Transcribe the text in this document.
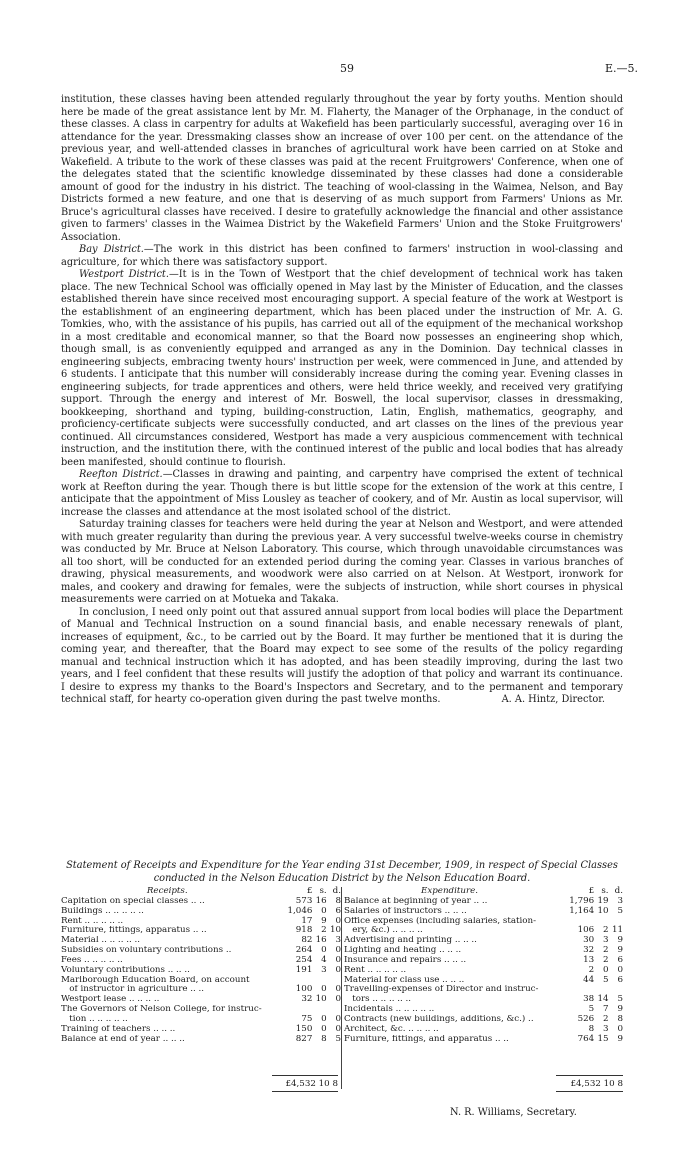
59	E.—5.

institution, these classes having been attended regularly throughout the year by forty youths. Mention should here be made of the great assistance lent by Mr. M. Flaherty, the Manager of the Orphanage, in the conduct of these classes. A class in carpentry for adults at Wakefield has been particularly successful, averaging over 16 in attendance for the year. Dressmaking classes show an increase of over 100 per cent. on the attendance of the previous year, and well-attended classes in branches of agricultural work have been carried on at Stoke and Wakefield. A tribute to the work of these classes was paid at the recent Fruitgrowers' Conference, when one of the delegates stated that the scientific knowledge disseminated by these classes had done a considerable amount of good for the industry in his district. The teaching of wool-classing in the Waimea, Nelson, and Bay Districts formed a new feature, and one that is deserving of as much support from Farmers' Unions as Mr. Bruce's agricultural classes have received. I desire to gratefully acknowledge the financial and other assistance given to farmers' classes in the Waimea District by the Wakefield Farmers' Union and the Stoke Fruitgrowers' Association.

Bay District.—The work in this district has been confined to farmers' instruction in wool-classing and agriculture, for which there was satisfactory support.

Westport District.—It is in the Town of Westport that the chief development of technical work has taken place. The new Technical School was officially opened in May last by the Minister of Education, and the classes established therein have since received most encouraging support. A special feature of the work at Westport is the establishment of an engineering department, which has been placed under the instruction of Mr. A. G. Tomkies, who, with the assistance of his pupils, has carried out all of the equipment of the mechanical workshop in a most creditable and economical manner, so that the Board now possesses an engineering shop which, though small, is as conveniently equipped and arranged as any in the Dominion. Day technical classes in engineering subjects, embracing twenty hours' instruction per week, were commenced in June, and attended by 6 students. I anticipate that this number will considerably increase during the coming year. Evening classes in engineering subjects, for trade apprentices and others, were held thrice weekly, and received very gratifying support. Through the energy and interest of Mr. Boswell, the local supervisor, classes in dressmaking, bookkeeping, shorthand and typing, building-construction, Latin, English, mathematics, geography, and proficiency-certificate subjects were successfully conducted, and art classes on the lines of the previous year continued. All circumstances considered, Westport has made a very auspicious commencement with technical instruction, and the institution there, with the continued interest of the public and local bodies that has already been manifested, should continue to flourish.

Reefton District.—Classes in drawing and painting, and carpentry have comprised the extent of technical work at Reefton during the year. Though there is but little scope for the extension of the work at this centre, I anticipate that the appointment of Miss Lousley as teacher of cookery, and of Mr. Austin as local supervisor, will increase the classes and attendance at the most isolated school of the district.

Saturday training classes for teachers were held during the year at Nelson and Westport, and were attended with much greater regularity than during the previous year. A very successful twelve-weeks course in chemistry was conducted by Mr. Bruce at Nelson Laboratory. This course, which through unavoidable circumstances was all too short, will be conducted for an extended period during the coming year. Classes in various branches of drawing, physical measurements, and woodwork were also carried on at Nelson. At Westport, ironwork for males, and cookery and drawing for females, were the subjects of instruction, while short courses in physical measurements were carried on at Motueka and Takaka.

In conclusion, I need only point out that assured annual support from local bodies will place the Department of Manual and Technical Instruction on a sound financial basis, and enable necessary renewals of plant, increases of equipment, &c., to be carried out by the Board. It may further be mentioned that it is during the coming year, and thereafter, that the Board may expect to see some of the results of the policy regarding manual and technical instruction which it has adopted, and has been steadily improving, during the last two years, and I feel confident that these results will justify the adoption of that policy and warrant its continuance. I desire to express my thanks to the Board's Inspectors and Secretary, and to the permanent and temporary technical staff, for hearty co-operation given during the past twelve months.	A. A. Hintz, Director.

Statement of Receipts and Expenditure for the Year ending 31st December, 1909, in respect of Special Classes conducted in the Nelson Education District by the Nelson Education Board.
Receipts.	£	s.	d.
Capitation on special classes .. ..	573	16	8
Buildings .. .. .. .. ..	1,046	0	6
Rent .. .. .. .. ..	17	9	0
Furniture, fittings, apparatus .. ..	918	2	10
Material .. .. .. .. ..	82	16	3
Subsidies on voluntary contributions ..	264	0	0
Fees .. .. .. .. ..	254	4	0
Voluntary contributions .. .. ..	191	3	0
Marlborough Education Board, on account			
of instructor in agriculture .. ..	100	0	0
Westport lease .. .. .. ..	32	10	0
The Governors of Nelson College, for instruc-			
tion .. .. .. .. ..	75	0	0
Training of teachers .. .. ..	150	0	0
Balance at end of year .. .. ..	827	8	5
Expenditure.	£	s.	d.
Balance at beginning of year .. ..	1,796	19	3
Salaries of instructors .. .. ..	1,164	10	5
Office expenses (including salaries, station-			
ery, &c.) .. .. .. ..	106	2	11
Advertising and printing .. .. ..	30	3	9
Lighting and heating .. .. ..	32	2	9
Insurance and repairs .. .. ..	13	2	6
Rent .. .. .. .. ..	2	0	0
Material for class use .. .. ..	44	5	6
Travelling-expenses of Director and instruc-			
tors .. .. .. .. ..	38	14	5
Incidentals .. .. .. .. ..	5	7	9
Contracts (new buildings, additions, &c.) ..	526	2	8
Architect, &c. .. .. .. ..	8	3	0
Furniture, fittings, and apparatus .. ..	764	15	9
£4,532 10 8	£4,532 10 8
N. R. Williams, Secretary.
